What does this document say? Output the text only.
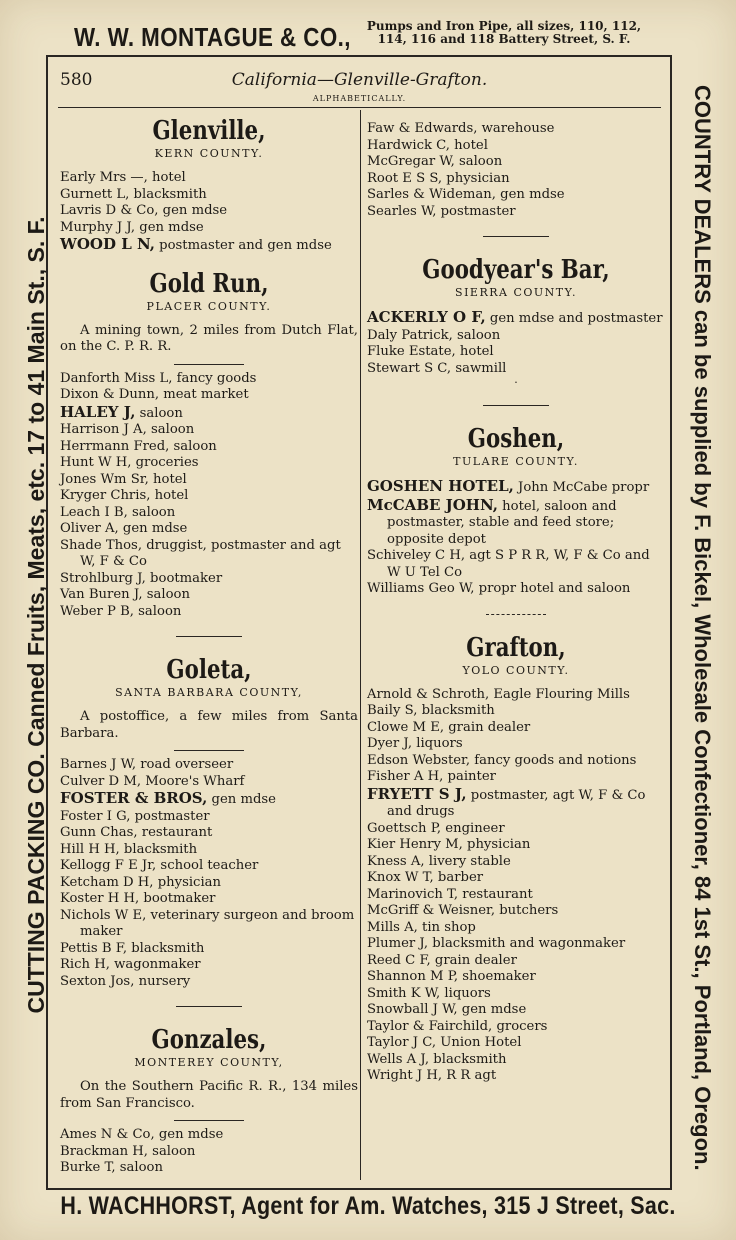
W. W. MONTAGUE & CO.,	Pumps and Iron Pipe, all sizes, 110, 112,
114, 116 and 118 Battery Street, S. F.
CUTTING PACKING CO. Canned Fruits, Meats, etc. 17 to 41 Main St., S. F.	COUNTRY DEALERS can be supplied by F. Bickel, Wholesale Confectioner, 84 1st St., Portland, Oregon.
California—Glenville-Grafton.
580
ALPHABETICALLY.
Glenville,
KERN COUNTY.
Early Mrs —, hotel
Gurnett L, blacksmith
Lavris D & Co, gen mdse
Murphy J J, gen mdse
WOOD L N, postmaster and gen mdse
Gold Run,
PLACER COUNTY.
A mining town, 2 miles from Dutch Flat, on the C. P. R. R.
Danforth Miss L, fancy goods
Dixon & Dunn, meat market
HALEY J, saloon
Harrison J A, saloon
Herrmann Fred, saloon
Hunt W H, groceries
Jones Wm Sr, hotel
Kryger Chris, hotel
Leach I B, saloon
Oliver A, gen mdse
Shade Thos, druggist, postmaster and agt W, F & Co
Strohlburg J, bootmaker
Van Buren J, saloon
Weber P B, saloon
Goleta,
SANTA BARBARA COUNTY,
A postoffice, a few miles from Santa Barbara.
Barnes J W, road overseer
Culver D M, Moore's Wharf
FOSTER & BROS, gen mdse
Foster I G, postmaster
Gunn Chas, restaurant
Hill H H, blacksmith
Kellogg F E Jr, school teacher
Ketcham D H, physician
Koster H H, bootmaker
Nichols W E, veterinary surgeon and broom maker
Pettis B F, blacksmith
Rich H, wagonmaker
Sexton Jos, nursery
Gonzales,
MONTEREY COUNTY,
On the Southern Pacific R. R., 134 miles from San Francisco.
Ames N & Co, gen mdse
Brackman H, saloon
Burke T, saloon
Faw & Edwards, warehouse
Hardwick C, hotel
McGregar W, saloon
Root E S S, physician
Sarles & Wideman, gen mdse
Searles W, postmaster
Goodyear's Bar,
SIERRA COUNTY.
ACKERLY O F, gen mdse and postmaster
Daly Patrick, saloon
Fluke Estate, hotel
Stewart S C, sawmill
·
Goshen,
TULARE COUNTY.
GOSHEN HOTEL, John McCabe propr
McCABE JOHN, hotel, saloon and postmaster, stable and feed store; opposite depot
Schiveley C H, agt S P R R, W, F & Co and W U Tel Co
Williams Geo W, propr hotel and saloon
Grafton,
YOLO COUNTY.
Arnold & Schroth, Eagle Flouring Mills
Baily S, blacksmith
Clowe M E, grain dealer
Dyer J, liquors
Edson Webster, fancy goods and notions
Fisher A H, painter
FRYETT S J, postmaster, agt W, F & Co and drugs
Goettsch P, engineer
Kier Henry M, physician
Kness A, livery stable
Knox W T, barber
Marinovich T, restaurant
McGriff & Weisner, butchers
Mills A, tin shop
Plumer J, blacksmith and wagonmaker
Reed C F, grain dealer
Shannon M P, shoemaker
Smith K W, liquors
Snowball J W, gen mdse
Taylor & Fairchild, grocers
Taylor J C, Union Hotel
Wells A J, blacksmith
Wright J H, R R agt
H. WACHHORST, Agent for Am. Watches, 315 J Street, Sac.
